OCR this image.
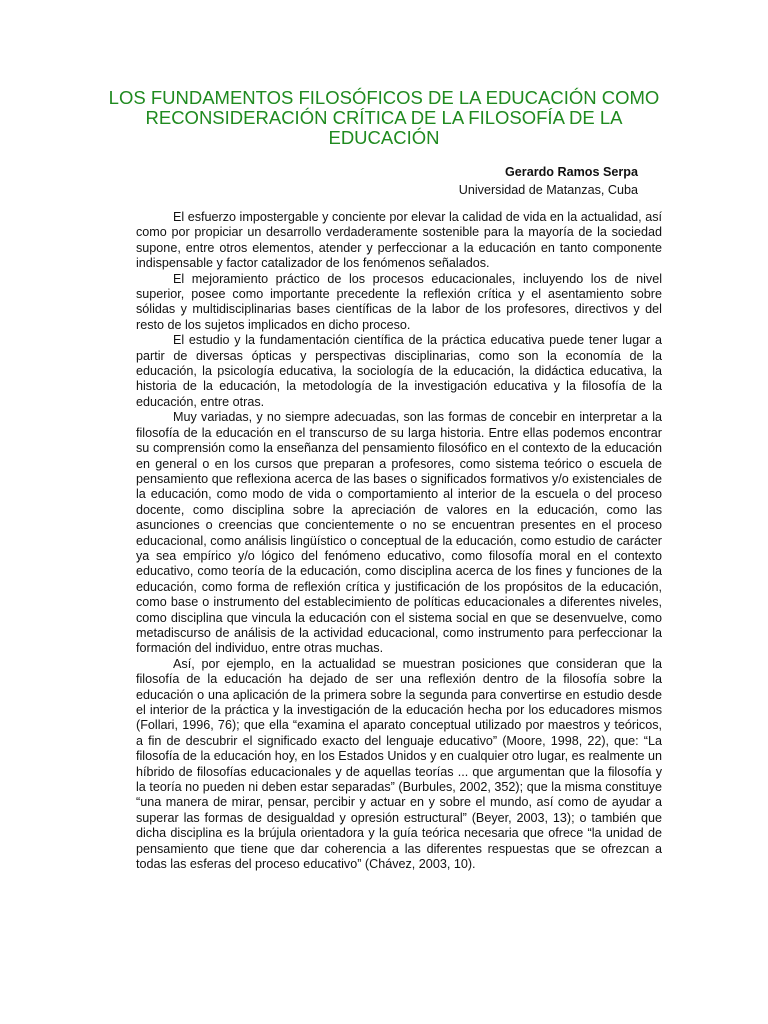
LOS FUNDAMENTOS FILOSÓFICOS DE LA EDUCACIÓN COMO
RECONSIDERACIÓN CRÍTICA DE LA FILOSOFÍA DE LA
EDUCACIÓN
Gerardo Ramos Serpa
Universidad de Matanzas, Cuba

El esfuerzo impostergable y conciente por elevar la calidad de vida en la actualidad, así como por propiciar un desarrollo verdaderamente sostenible para la mayoría de la sociedad supone, entre otros elementos, atender y perfeccionar a la educación en tanto componente indispensable y factor catalizador de los fenómenos señalados.

El mejoramiento práctico de los procesos educacionales, incluyendo los de nivel superior, posee como importante precedente la reflexión crítica y el asentamiento sobre sólidas y multidisciplinarias bases científicas de la labor de los profesores, directivos y del resto de los sujetos implicados en dicho proceso.

El estudio y la fundamentación científica de la práctica educativa puede tener lugar a partir de diversas ópticas y perspectivas disciplinarias, como son la economía de la educación, la psicología educativa, la sociología de la educación, la didáctica educativa, la historia de la educación, la metodología de la investigación educativa y la filosofía de la educación, entre otras.

Muy variadas, y no siempre adecuadas, son las formas de concebir en interpretar a la filosofía de la educación en el transcurso de su larga historia. Entre ellas podemos encontrar su comprensión como la enseñanza del pensamiento filosófico en el contexto de la educación en general o en los cursos que preparan a profesores, como sistema teórico o escuela de pensamiento que reflexiona acerca de las bases o significados formativos y/o existenciales de la educación, como modo de vida o comportamiento al interior de la escuela o del proceso docente, como disciplina sobre la apreciación de valores en la educación, como las asunciones o creencias que concientemente o no se encuentran presentes en el proceso educacional, como análisis lingüístico o conceptual de la educación, como estudio de carácter ya sea empírico y/o lógico del fenómeno educativo, como filosofía moral en el contexto educativo, como teoría de la educación, como disciplina acerca de los fines y funciones de la educación, como forma de reflexión crítica y justificación de los propósitos de la educación, como base o instrumento del establecimiento de políticas educacionales a diferentes niveles, como disciplina que vincula la educación con el sistema social en que se desenvuelve, como metadiscurso de análisis de la actividad educacional, como instrumento para perfeccionar la formación del individuo, entre otras muchas.

Así, por ejemplo, en la actualidad se muestran posiciones que consideran que la filosofía de la educación ha dejado de ser una reflexión dentro de la filosofía sobre la educación o una aplicación de la primera sobre la segunda para convertirse en estudio desde el interior de la práctica y la investigación de la educación hecha por los educadores mismos (Follari, 1996, 76); que ella “examina el aparato conceptual utilizado por maestros y teóricos, a fin de descubrir el significado exacto del lenguaje educativo” (Moore, 1998, 22), que: “La filosofía de la educación hoy, en los Estados Unidos y en cualquier otro lugar, es realmente un híbrido de filosofías educacionales y de aquellas teorías ... que argumentan que la filosofía y la teoría no pueden ni deben estar separadas” (Burbules, 2002, 352); que la misma constituye “una manera de mirar, pensar, percibir y actuar en y sobre el mundo, así como de ayudar a superar las formas de desigualdad y opresión estructural” (Beyer, 2003, 13); o también que dicha disciplina es la brújula orientadora y la guía teórica necesaria que ofrece “la unidad de pensamiento que tiene que dar coherencia a las diferentes respuestas que se ofrezcan a todas las esferas del proceso educativo” (Chávez, 2003, 10).
